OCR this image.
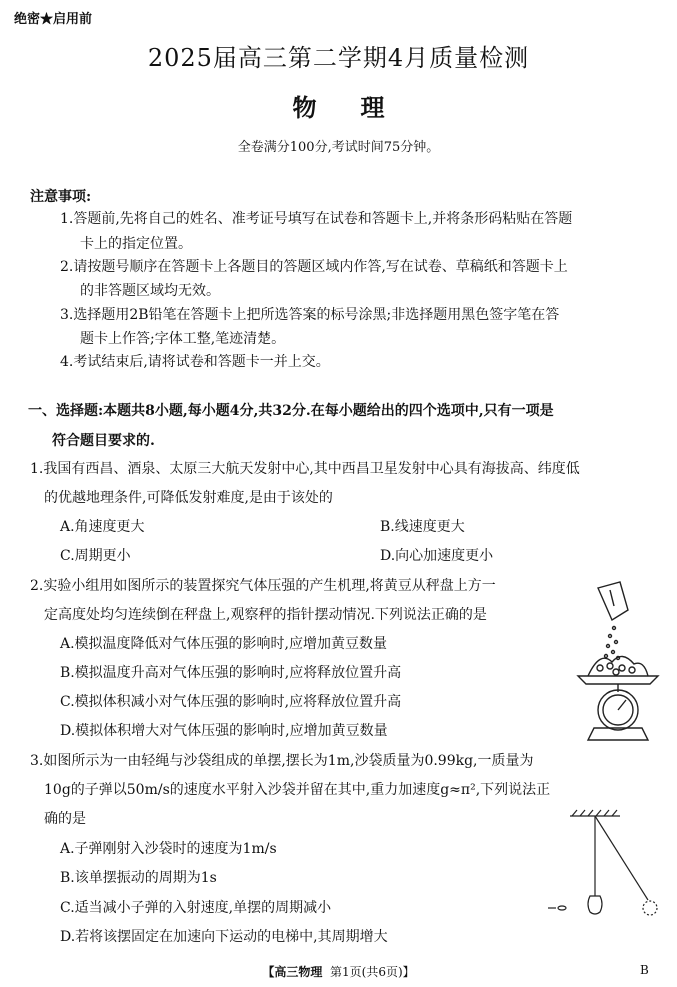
绝密★启用前
2025届高三第二学期4月质量检测
物理
全卷满分100分,考试时间75分钟。
注意事项:
1.答题前,先将自己的姓名、准考证号填写在试卷和答题卡上,并将条形码粘贴在答题
卡上的指定位置。
2.请按题号顺序在答题卡上各题目的答题区域内作答,写在试卷、草稿纸和答题卡上
的非答题区域均无效。
3.选择题用2B铅笔在答题卡上把所选答案的标号涂黑;非选择题用黑色签字笔在答
题卡上作答;字体工整,笔迹清楚。
4.考试结束后,请将试卷和答题卡一并上交。
一、选择题:本题共8小题,每小题4分,共32分.在每小题给出的四个选项中,只有一项是
符合题目要求的.
1.我国有西昌、酒泉、太原三大航天发射中心,其中西昌卫星发射中心具有海拔高、纬度低
的优越地理条件,可降低发射难度,是由于该处的
A.角速度更大	B.线速度更大
C.周期更小	D.向心加速度更小
2.实验小组用如图所示的装置探究气体压强的产生机理,将黄豆从秤盘上方一
定高度处均匀连续倒在秤盘上,观察秤的指针摆动情况.下列说法正确的是
A.模拟温度降低对气体压强的影响时,应增加黄豆数量
B.模拟温度升高对气体压强的影响时,应将释放位置升高
C.模拟体积减小对气体压强的影响时,应将释放位置升高
D.模拟体积增大对气体压强的影响时,应增加黄豆数量
3.如图所示为一由轻绳与沙袋组成的单摆,摆长为1m,沙袋质量为0.99kg,一质量为
10g的子弹以50m/s的速度水平射入沙袋并留在其中,重力加速度g≈π²,下列说法正
确的是
A.子弹刚射入沙袋时的速度为1m/s
B.该单摆振动的周期为1s
C.适当减小子弹的入射速度,单摆的周期减小
D.若将该摆固定在加速向下运动的电梯中,其周期增大
【高三物理 第1页(共6页)】	B
